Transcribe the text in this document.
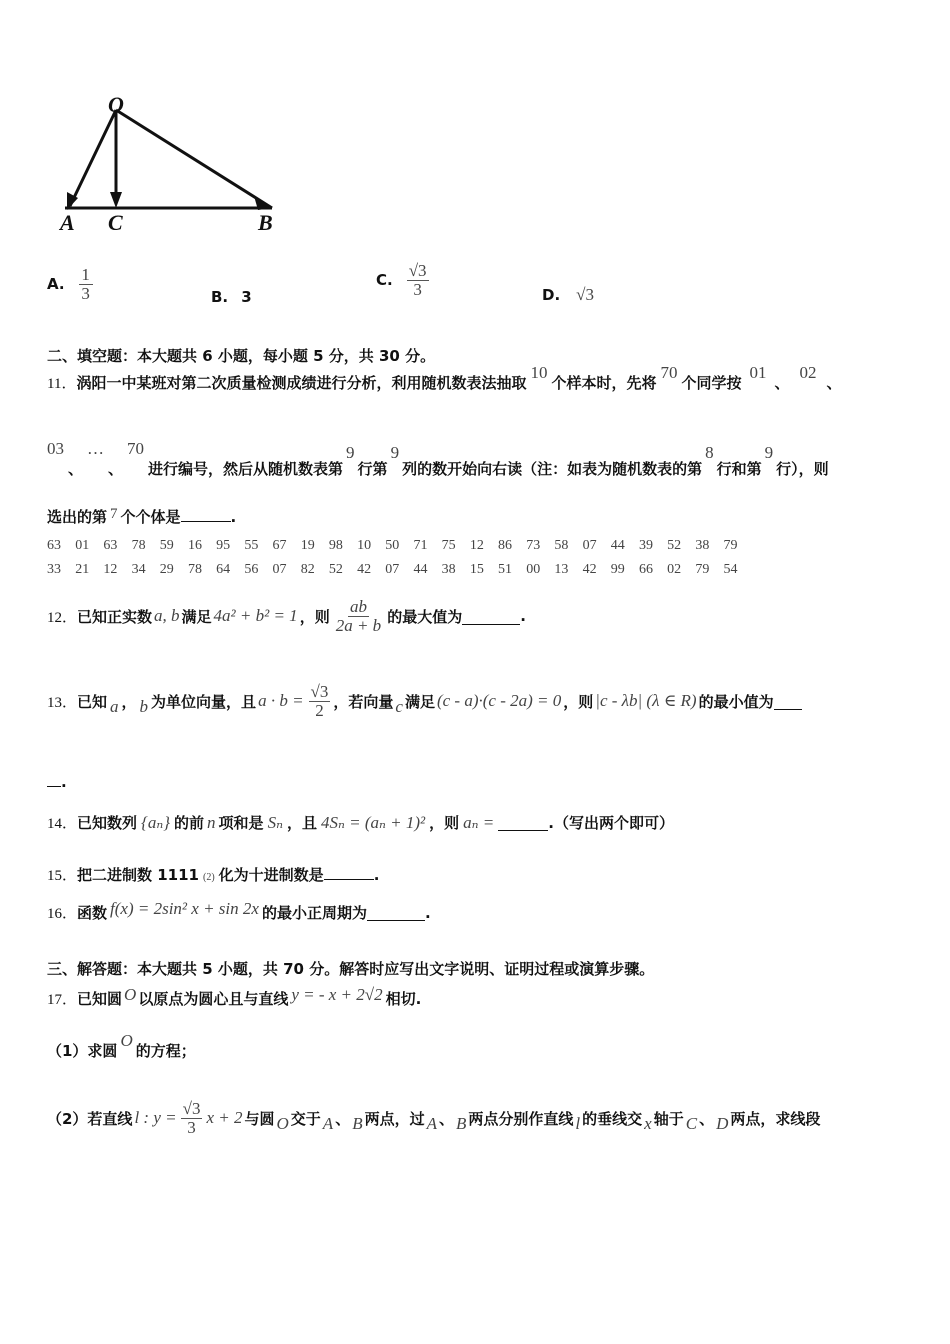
O
A C	B
A. $\frac{1}{3}$	B. 3
C. $\frac{√3}{3}$	D. √3
二、填空题：本大题共 6 小题，每小题 5 分，共 30 分。
11．涡阳一中某班对第二次质量检测成绩进行分析，利用随机数表法抽取10个样本时，先将70个同学按01、02、
03、…、70进行编号，然后从随机数表第9行第9列的数开始向右读（注：如表为随机数表的第8行和第9行），则
选出的第 7 个个体是	.
63 01 63 78 59 16 95 55 67 19 98 10 50 71 75 12 86 73 58 07 44 39 52 38 79
33 21 12 34 29 78 64 56 07 82 52 42 07 44 38 15 51 00 13 42 99 66 02 79 54
12． 已知正实数 a, b 满足 4a² + b² = 1 ，则 $\frac{ab}{2a + b}$ 的最大值为	.
13． 已知 a ， b 为单位向量，且 $a \cdot b = \frac{√3}{2}$ ，若向量 c 满足 (c - a)·(c - 2a) = 0 ，则 |c - λb| (λ ∈ R) 的最小值为
.
14． 已知数列 {aₙ} 的前 n 项和是 Sₙ ，且 4Sₙ = (aₙ + 1)² ，则 aₙ =	.（写出两个即可）
15．把二进制数 1111 (2) 化为十进制数是	.
16． 函数 f(x) = 2sin² x + sin 2x 的最小正周期为	.
三、解答题：本大题共 5 小题，共 70 分。解答时应写出文字说明、证明过程或演算步骤。
17． 已知圆 O 以原点为圆心且与直线 y = - x + 2√2 相切.
（1）求圆
O
的方程；
（2）若直线 l : $y = \frac{√3}{3}$ x + 2 与圆 O 交于 A 、 B 两点，过 A 、 B 两点分别作直线 l 的垂线交 x 轴于 C 、 D 两点，求线段
